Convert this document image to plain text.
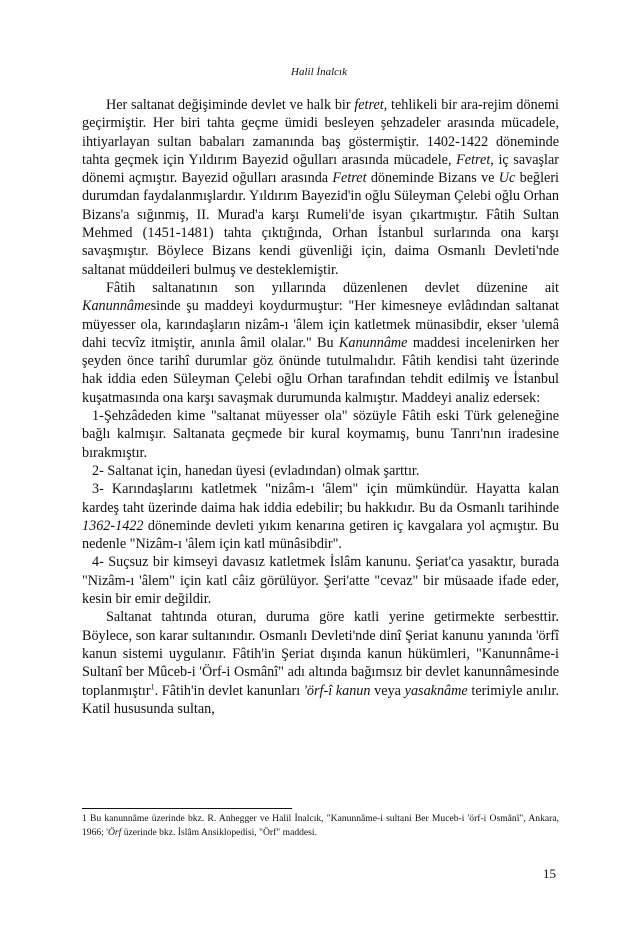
Halil İnalcık

Her saltanat değişiminde devlet ve halk bir fetret, tehlikeli bir ara-rejim dönemi geçirmiştir. Her biri tahta geçme ümidi besleyen şehzadeler arasında mücadele, ihtiyarlayan sultan babaları zamanında baş göstermiştir. 1402-1422 döneminde tahta geçmek için Yıldırım Bayezid oğulları arasında mücadele, Fetret, iç savaşlar dönemi açmıştır. Bayezid oğulları arasında Fetret döneminde Bizans ve Uc beğleri durumdan faydalanmışlardır. Yıldırım Bayezid'in oğlu Süleyman Çelebi oğlu Orhan Bizans'a sığınmış, II. Murad'a karşı Rumeli'de isyan çıkartmıştır. Fâtih Sultan Mehmed (1451-1481) tahta çıktığında, Orhan İstanbul surlarında ona karşı savaşmıştır. Böylece Bizans kendi güvenliği için, daima Osmanlı Devleti'nde saltanat müddeileri bulmuş ve desteklemiştir.

Fâtih saltanatının son yıllarında düzenlenen devlet düzenine ait Kanunnâmesinde şu maddeyi koydurmuştur: "Her kimesneye evlâdından saltanat müyesser ola, karındaşların nizâm-ı 'âlem için katletmek münasibdir, ekser 'ulemâ dahi tecvîz itmiştir, anınla âmil olalar." Bu Kanunnâme maddesi incelenirken her şeyden önce tarihî durumlar göz önünde tutulmalıdır. Fâtih kendisi taht üzerinde hak iddia eden Süleyman Çelebi oğlu Orhan tarafından tehdit edilmiş ve İstanbul kuşatmasında ona karşı savaşmak durumunda kalmıştır. Maddeyi analiz edersek:

1-Şehzâdeden kime "saltanat müyesser ola" sözüyle Fâtih eski Türk geleneğine bağlı kalmışır. Saltanata geçmede bir kural koymamış, bunu Tanrı'nın iradesine bırakmıştır.

2- Saltanat için, hanedan üyesi (evladından) olmak şarttır.

3- Karındaşlarını katletmek "nizâm-ı 'âlem" için mümkündür. Hayatta kalan kardeş taht üzerinde daima hak iddia edebilir; bu hakkıdır. Bu da Osmanlı tarihinde 1362-1422 döneminde devleti yıkım kenarına getiren iç kavgalara yol açmıştır. Bu nedenle "Nizâm-ı 'âlem için katl münâsibdir".

4- Suçsuz bir kimseyi davasız katletmek İslâm kanunu. Şeriat'ca yasaktır, burada "Nizâm-ı 'âlem" için katl câiz görülüyor. Şeri'atte "cevaz" bir müsaade ifade eder, kesin bir emir değildir.

Saltanat tahtında oturan, duruma göre katli yerine getirmekte serbesttir. Böylece, son karar sultanındır. Osmanlı Devleti'nde dinî Şeriat kanunu yanında 'örfî kanun sistemi uygulanır. Fâtih'in Şeriat dışında kanun hükümleri, "Kanunnâme-i Sultanî ber Mûceb-i 'Örf-i Osmânî" adı altında bağımsız bir devlet kanunnâmesinde toplanmıştır$^1$. Fâtih'in devlet kanunları 'örf-î kanun veya yasaknâme terimiyle anılır. Katil hususunda sultan,

1 Bu kanunnâme üzerinde bkz. R. Anhegger ve Halil İnalcık, "Kanunnâme-i sultani Ber Muceb-i 'örf-i Osmânî", Ankara, 1966; 'Örf üzerinde bkz. İslâm Ansiklopedisi, "Örf" maddesi.
15
